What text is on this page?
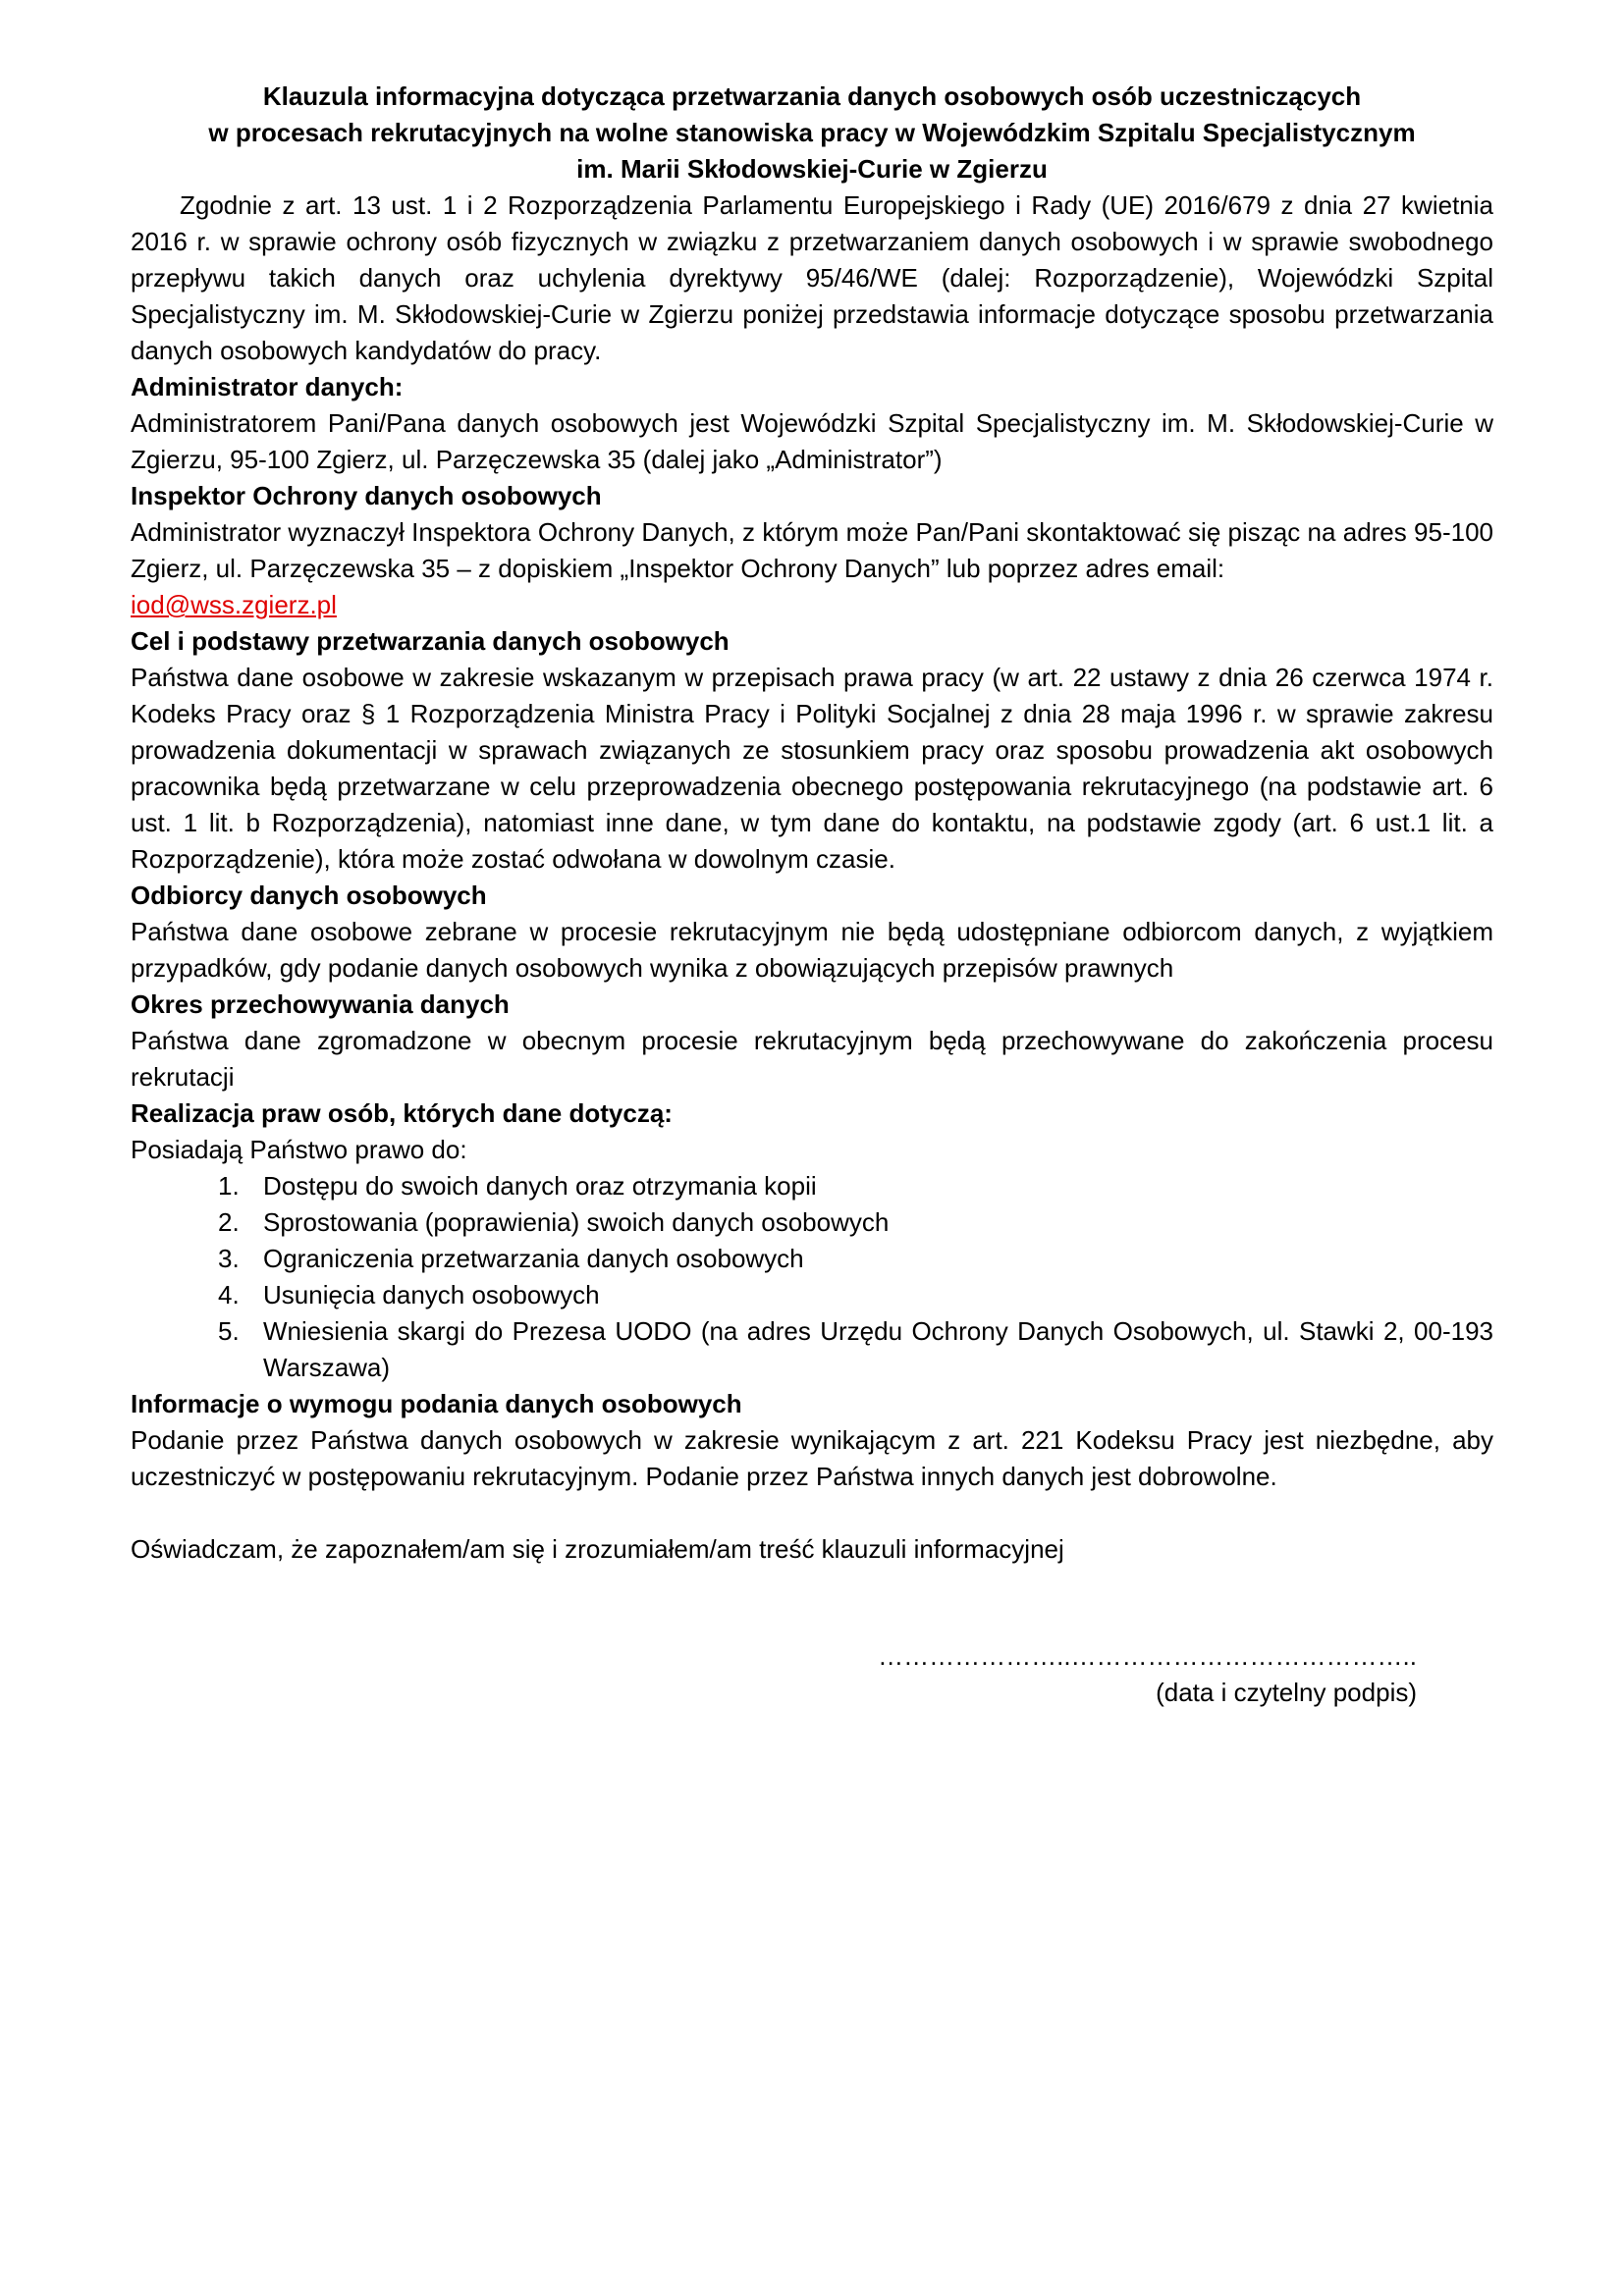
Klauzula informacyjna dotycząca przetwarzania danych osobowych osób uczestniczących
w procesach rekrutacyjnych na wolne stanowiska pracy w Wojewódzkim Szpitalu Specjalistycznym
im. Marii Skłodowskiej-Curie w Zgierzu

Zgodnie z art. 13 ust. 1 i 2 Rozporządzenia Parlamentu Europejskiego i Rady (UE) 2016/679 z dnia 27 kwietnia 2016 r. w sprawie ochrony osób fizycznych w związku z przetwarzaniem danych osobowych i w sprawie swobodnego przepływu takich danych oraz uchylenia dyrektywy 95/46/WE (dalej: Rozporządzenie), Wojewódzki Szpital Specjalistyczny im. M. Skłodowskiej-Curie w Zgierzu poniżej przedstawia informacje dotyczące sposobu przetwarzania danych osobowych kandydatów do pracy.

Administrator danych:

Administratorem Pani/Pana danych osobowych jest Wojewódzki Szpital Specjalistyczny im. M. Skłodowskiej-Curie w Zgierzu, 95-100 Zgierz, ul. Parzęczewska 35 (dalej jako „Administrator”)

Inspektor Ochrony danych osobowych

Administrator wyznaczył Inspektora Ochrony Danych, z którym może Pan/Pani skontaktować się pisząc na adres 95-100 Zgierz, ul. Parzęczewska 35 – z dopiskiem „Inspektor Ochrony Danych” lub poprzez adres email:

iod@wss.zgierz.pl

Cel i podstawy przetwarzania danych osobowych

Państwa dane osobowe w zakresie wskazanym w przepisach prawa pracy (w art. 22 ustawy z dnia 26 czerwca 1974 r. Kodeks Pracy oraz § 1 Rozporządzenia Ministra Pracy i Polityki Socjalnej z dnia 28 maja 1996 r. w sprawie zakresu prowadzenia dokumentacji w sprawach związanych ze stosunkiem pracy oraz sposobu prowadzenia akt osobowych pracownika będą przetwarzane w celu przeprowadzenia obecnego postępowania rekrutacyjnego (na podstawie art. 6 ust. 1 lit. b Rozporządzenia), natomiast inne dane, w tym dane do kontaktu, na podstawie zgody (art. 6 ust.1 lit. a Rozporządzenie), która może zostać odwołana w dowolnym czasie.

Odbiorcy danych osobowych

Państwa dane osobowe zebrane w procesie rekrutacyjnym nie będą udostępniane odbiorcom danych, z wyjątkiem przypadków, gdy podanie danych osobowych wynika z obowiązujących przepisów prawnych

Okres przechowywania danych

Państwa dane zgromadzone w obecnym procesie rekrutacyjnym będą przechowywane do zakończenia procesu rekrutacji

Realizacja praw osób, których dane dotyczą:

Posiadają Państwo prawo do:

1. Dostępu do swoich danych oraz otrzymania kopii
2. Sprostowania (poprawienia) swoich danych osobowych
3. Ograniczenia przetwarzania danych osobowych
4. Usunięcia danych osobowych
5. Wniesienia skargi do Prezesa UODO (na adres Urzędu Ochrony Danych Osobowych, ul. Stawki 2, 00-193 Warszawa)

Informacje o wymogu podania danych osobowych

Podanie przez Państwa danych osobowych w zakresie wynikającym z art. 221 Kodeksu Pracy jest niezbędne, aby uczestniczyć w postępowaniu rekrutacyjnym. Podanie przez Państwa innych danych jest dobrowolne.

Oświadczam, że zapoznałem/am się i zrozumiałem/am treść klauzuli informacyjnej

…………………..…………………………………..
(data i czytelny podpis)
